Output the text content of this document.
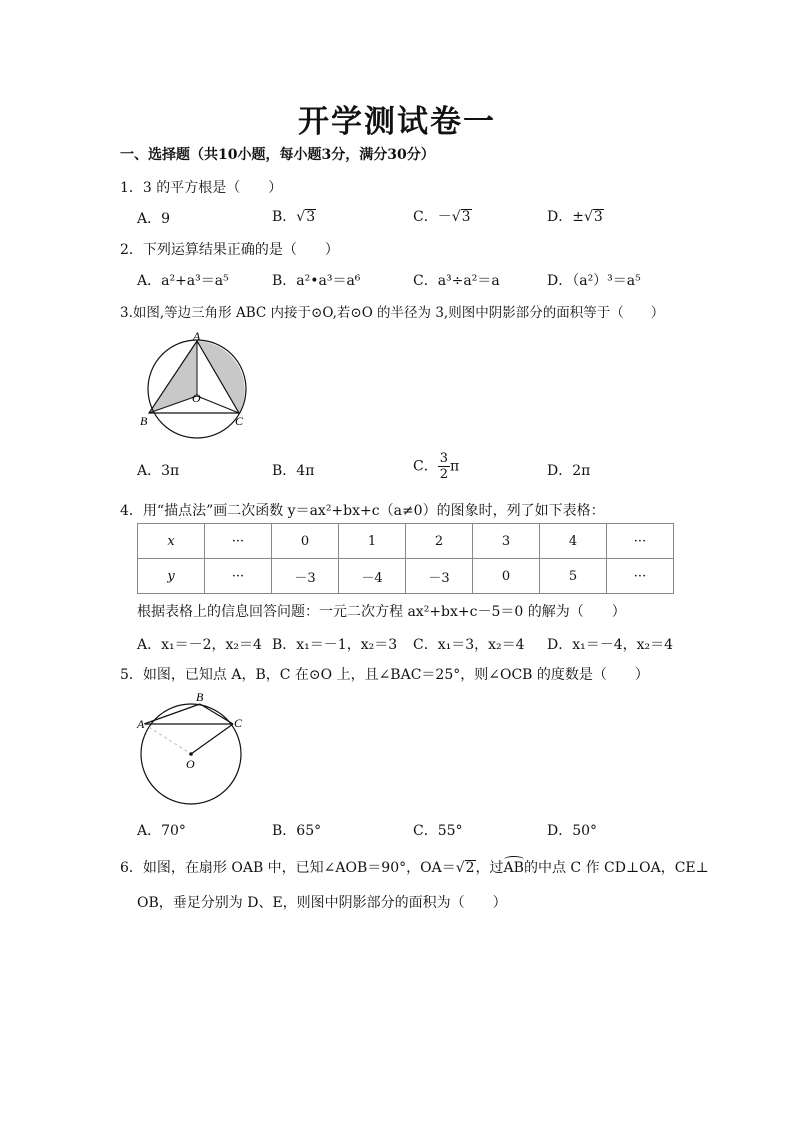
开学测试卷一
一、选择题（共10小题，每小题3分，满分30分）
1．3 的平方根是（　　）
A．9	B．√3	C．－√3	D．±√3
2．下列运算结果正确的是（　　）
A．a²+a³＝a⁵	B．a²•a³＝a⁶	C．a³÷a²＝a	D．（a²）³＝a⁵
3.如图,等边三角形 ABC 内接于⊙O,若⊙O 的半径为 3,则图中阴影部分的面积等于（　　）
A
B	C
O
A．3π	B．4π	C． $\frac{3}{2}$ π	D．2π
4．用“描点法”画二次函数 y＝ax²+bx+c（a≠0）的图象时，列了如下表格：
x	···	0	1	2	3	4	···
y	···	－3	－4	－3	0	5	···
根据表格上的信息回答问题：一元二次方程 ax²+bx+c－5＝0 的解为（　　）
A．x₁＝－2，x₂＝4 B．x₁＝－1，x₂＝3 C．x₁＝3，x₂＝4 D．x₁＝－4，x₂＝4
5．如图，已知点 A，B，C 在⊙O 上，且∠BAC＝25°，则∠OCB 的度数是（　　）
A
B
C
O
A．70°	B．65°	C．55°	D．50°
6．如图，在扇形 OAB 中，已知∠AOB＝90°，OA＝√2，过AB的中点 C 作 CD⊥OA，CE⊥
OB，垂足分别为 D、E，则图中阴影部分的面积为（　　）
